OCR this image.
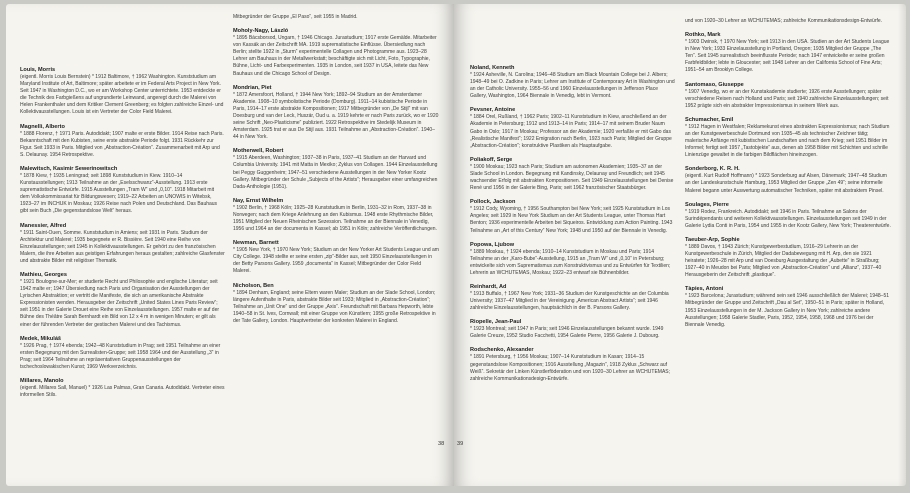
Louis, Morris
(eigentl. Morris Louis Bernstein) * 1912 Baltimore, † 1962 Washington. Kunststudium am Maryland Institute of Art, Baltimore; später arbeitete er im Federal Arts Project in New York. Seit 1947 in Washington D.C., wo er am Workshop Center unterrichtete. 1953 entdeckte er die Technik des Farbgießens auf ungrundierte Leinwand, angeregt durch die Malerei von Helen Frankenthaler und dem Kritiker Clement Greenberg; es folgten zahlreiche Einzel- und Kollektivausstellungen. Louis ist ein Vertreter der Color Field Malerei.
Magnelli, Alberto
* 1888 Florenz, † 1971 Paris. Autodidakt; 1907 malte er erste Bilder. 1914 Reise nach Paris. Bekanntschaft mit den Kubisten, seine erste abstrakte Periode folgt. 1931 Rückkehr zur Figur. Seit 1933 in Paris. Mitglied von „Abstraction-Création“. Zusammenarbeit mit Arp und S. Delaunay. 1954 Retrospektive.
Malewitsch, Kasimir Sewerinowitsch
* 1878 Kiew, † 1935 Leningrad; seit 1898 Kunststudium in Kiew. 1910–14 Kunstausstellungen; 1913 Teilnahme an der „Eselsschwanz“-Ausstellung. 1913 erste suprematistische Entwürfe. 1915 Ausstellungen „Tram W“ und „0,10“. 1918 Mitarbeit mit dem Volkskommissariat für Bildungswesen; 1919–22 Arbeiten an UNOWIS in Witebsk, 1923–27 im INCHUK in Moskau; 1926 Reise nach Polen und Deutschland. Das Bauhaus gibt sein Buch „Die gegenstandslose Welt“ heraus.
Manessier, Alfred
* 1911 Saint-Ouen, Somme. Kunststudium in Amiens; seit 1931 in Paris. Studium der Architektur und Malerei; 1935 begegnete er R. Bissière. Seit 1940 eine Reihe von Einzelausstellungen; seit 1945 in Kollektivausstellungen. Er gehört zu den französischen Malern, die ihre Arbeiten aus geistigen Erfahrungen heraus gestalten; zahlreiche Glasfenster und abstrakte Bilder mit religiöser Thematik.
Mathieu, Georges
* 1921 Boulogne-sur-Mer; er studierte Recht und Philosophie und englische Literatur; seit 1942 malte er; 1947 Übersiedlung nach Paris und Organisation der Ausstellungen der Lyrischen Abstraktion; er vertritt die Manifeste, die sich an amerikanische Abstrakte Expressionisten wenden. Herausgeber der Zeitschrift „United States Lines Paris Review“; seit 1951 in der Galerie Drouet eine Reihe von Einzelausstellungen. 1957 malte er auf der Bühne des Théâtre Sarah Bernhardt ein Bild von 12 x 4 m in wenigen Minuten; er gilt als einer der führenden Vertreter der gestischen Malerei und des Tachismus.
Medek, Mikuláš
* 1926 Prag, † 1974 ebenda; 1942–48 Kunststudium in Prag; seit 1951 Teilnahme an einer ersten Begegnung mit den Surrealisten-Gruppe; seit 1958 1964 und der Ausstellung „3“ in Prag; seit 1964 Teilnahme an repräsentativen Gruppenausstellungen der tschechoslowakischen Kunst; 1969 Werkverzeichnis.
Millares, Manolo
(eigentl. Millares Sall, Manuel) * 1926 Las Palmas, Gran Canaria. Autodidakt. Vertreter eines informellen Stils.
Mitbegründer der Gruppe „El Paso“, seit 1955 in Madrid.
Moholy-Nagy, László
* 1895 Bácsborsod, Ungarn, † 1946 Chicago. Jurastudium; 1917 erste Gemälde. Mitarbeiter von Kassák an der Zeitschrift MA. 1919 suprematistische Einflüsse. Übersiedlung nach Berlin; stellte 1922 in „Sturm“ experimentelle Collagen und Photogramme aus. 1923–28 Lehrer am Bauhaus in der Metallwerkstatt; beschäftigte sich mit Licht, Foto, Typographie, Bühne, Licht- und Farbexperimenten. 1935 in London, seit 1937 in USA, leitete das New Bauhaus und die Chicago School of Design.
Mondrian, Piet
* 1872 Amersfoort, Holland, † 1944 New York; 1892–94 Studium an der Amsterdamer Akademie. 1908–10 symbolistische Periode (Domburg). 1911–14 kubistische Periode in Paris, 1914–17 erste abstrakte Kompositionen; 1917 Mitbegründer von „De Stijl“ mit van Doesburg und van der Leck, Huszár, Oud u. a. 1919 kehrte er nach Paris zurück, wo er 1920 seine Schrift „Neo-Plasticisme“ publiziert. 1922 Retrospektive im Stedelijk Museum in Amsterdam. 1925 trat er aus De Stijl aus. 1931 Teilnahme an „Abstraction-Création“. 1940–44 in New York.
Motherwell, Robert
* 1915 Aberdeen, Washington; 1937–38 in Paris, 1937–41 Studium an der Harvard und Columbia University. 1941 mit Matta in Mexiko; Zyklus von Collagen. 1944 Einzelausstellung bei Peggy Guggenheim; 1947–51 verschiedene Ausstellungen in der New Yorker Kootz Gallery. Mitbegründer der Schule „Subjects of the Artists“; Herausgeber einer umfangreichen Dada-Anthologie (1951).
Nay, Ernst Wilhelm
* 1902 Berlin, † 1968 Köln; 1925–28 Kunststudium in Berlin, 1931–32 in Rom, 1937–38 in Norwegen; nach dem Kriege Anlehnung an den Kubismus. 1948 erste Rhythmische Bilder, 1951 Mitglied der Neuen Rheinischen Sezession. Teilnahme an der Biennale in Venedig, 1956 und 1964 an der documenta in Kassel; ab 1951 in Köln; zahlreiche Veröffentlichungen.
Newman, Barnett
* 1905 New York, † 1970 New York; Studium an der New Yorker Art Students League und am City College. 1948 stellte er seine ersten „zip“-Bilder aus, seit 1950 Einzelausstellungen in der Betty Parsons Gallery. 1959 „documenta“ in Kassel; Mitbegründer der Color Field Malerei.
Nicholson, Ben
* 1894 Denham, England; seine Eltern waren Maler; Studium an der Slade School, London; längere Aufenthalte in Paris, abstrakte Bilder seit 1933; Mitglied in „Abstraction-Création“; Teilnahme an „Unit One“ und der Gruppe „Axis“. Freundschaft mit Barbara Hepworth, lebte 1940–58 in St. Ives, Cornwall; mit einer Gruppe von Künstlern; 1955 große Retrospektive in der Tate Gallery, London. Hauptvertreter der konkreten Malerei in England.
38
Noland, Kenneth
* 1924 Asheville, N. Carolina; 1946–48 Studium am Black Mountain College bei J. Albers; 1948–49 bei O. Zadkine in Paris; Lehrer am Institute of Contemporary Art in Washington und an der Catholic University. 1955–56 und 1960 Einzelausstellungen in Jefferson Place Gallery, Washington, 1964 Biennale in Venedig, lebt in Vermont.
Pevsner, Antoine
* 1884 Orel, Rußland, † 1962 Paris; 1902–11 Kunststudium in Kiew, anschließend an der Akademie in Petersburg; 1912 und 1913–14 in Paris; 1914–17 mit seinem Bruder Naum Gabo in Oslo; 1917 in Moskau; Professor an der Akademie; 1920 verfaßte er mit Gabo das „Realistische Manifest“; 1922 Emigration nach Berlin, 1923 nach Paris; Mitglied der Gruppe „Abstraction-Création“; konstruktive Plastiken als Hauptaufgabe.
Poliakoff, Serge
* 1900 Moskau; 1923 nach Paris; Studium am autonomen Akademien; 1935–37 an der Slade School in London. Begegnung mit Kandinsky, Delaunay und Freundlich; seit 1945 wachsender Erfolg mit abstrakten Kompositionen. Seit 1949 Einzelausstellungen bei Denise René und 1956 in der Galerie Bing, Paris; seit 1962 französischer Staatsbürger.
Pollock, Jackson
* 1912 Cody, Wyoming, † 1956 Southampton bei New York; seit 1925 Kunststudium in Los Angeles; seit 1929 in New York Studium an der Art Students League, unter Thomas Hart Benton; 1936 experimentelle Arbeiten bei Siqueiros. Entwicklung zum Action Painting. 1943 Teilnahme an „Art of this Century“ New York; 1948 und 1950 auf der Biennale in Venedig.
Popowa, Ljubow
* 1889 Moskau, † 1924 ebenda; 1910–14 Kunststudium in Moskau und Paris; 1914 Teilnahme an der „Karo-Bube“-Ausstellung, 1915 an „Tram W“ und „0,10“ in Petersburg; entwickelte sich vom Suprematismus zum Konstruktivismus und zu Entwürfen für Textilien; Lehrerin an WCHUTEMAS, Moskau; 1922–23 entwarf sie Bühnenbilder.
Reinhardt, Ad
* 1913 Buffalo, † 1967 New York; 1931–36 Studium der Kunstgeschichte an der Columbia University; 1937–47 Mitglied in der Vereinigung „American Abstract Artists“; seit 1946 zahlreiche Einzelausstellungen, hauptsächlich in der B. Parsons Gallery.
Riopelle, Jean-Paul
* 1923 Montreal; seit 1947 in Paris; seit 1946 Einzelausstellungen bekannt wurde. 1949 Galerie Creuze, 1952 Studio Facchetti, 1954 Galerie Pierre, 1956 Galerie J. Dubourg.
Rodschenko, Alexander
* 1891 Petersburg, † 1956 Moskau; 1907–14 Kunststudium in Kasan; 1914–15 gegenstandslose Kompositionen; 1916 Ausstellung „Magazin“, 1918 Zyklus „Schwarz auf Weiß“. Sekretär der Linken Künstlerföderation und von 1920–30 Lehrer an WCHUTEMAS; zahlreiche Kommunikationsdesign-Entwürfe.
und von 1920–30 Lehrer an WCHUTEMAS; zahlreiche Kommunikationsdesign-Entwürfe.
Rothko, Mark
* 1903 Dwinsk, † 1970 New York; seit 1913 in den USA. Studien an der Art Students League in New York; 1933 Einzelausstellung in Portland, Oregon; 1935 Mitglied der Gruppe „The Ten“. Seit 1945 surrealistisch beeinflusste Periode; nach 1947 entwickelte er seine großen Farbfeldbilder; lebte in Gloucester; seit 1948 Lehrer an der California School of Fine Arts; 1951–54 am Brooklyn College.
Santomaso, Giuseppe
* 1907 Venedig, wo er an der Kunstakademie studierte; 1926 erste Ausstellungen; später verschiedene Reisen nach Holland und Paris; seit 1940 zahlreiche Einzelausstellungen; seit 1952 prägte sich ein abstrakter Impressionismus in seinem Werk aus.
Schumacher, Emil
* 1912 Hagen in Westfalen; Reklamekunst eines abstrakten Expressionismus; nach Studium an der Kunstgewerbeschule Dortmund von 1935–45 als technischer Zeichner tätig; malerische Anfänge mit kubistischen Landschaften und nach dem Krieg; seit 1951 Bilder im Informel; fertigt seit 1957 „Tastobjekte“ aus, denen ab 1958 Bilder mit Schichten und schrille Linienzüge gewaltet in die farbigen Bildflächen hineinzogen.
Sonderborg, K. R. H.
(eigentl. Kurt Rudolf Hoffmann) * 1923 Sonderburg auf Alsen, Dänemark; 1947–48 Studium an der Landeskunstschule Hamburg, 1953 Mitglied der Gruppe „Zen 49“; seine informelle Malerei begann unter Auswertung automatischer Techniken, später mit abstraktem Pinsel.
Soulages, Pierre
* 1919 Rodez, Frankreich. Autodidakt; seit 1946 in Paris. Teilnahme an Salons der Surindépendants und weiteren Kollektivausstellungen. Einzelausstellungen seit 1949 in der Galerie Lydia Conti in Paris, 1954 und 1955 in der Kootz Gallery, New York; Theaterentwürfe.
Taeuber-Arp, Sophie
* 1889 Davos, † 1943 Zürich; Kunstgewerbestudium, 1916–29 Lehrerin an der Kunstgewerbeschule in Zürich, Mitglied der Dadabewegung mit H. Arp, den sie 1921 heiratete; 1926–28 mit Arp und van Doesburg Ausgestaltung der „Aubette“ in Straßburg; 1927–40 in Meudon bei Paris; Mitglied von „Abstraction-Création“ und „Allianz“, 1937–40 Herausgeberin der Zeitschrift „plastique“.
Tàpies, Antoni
* 1923 Barcelona; Jurastudium; während sein seit 1946 ausschließlich der Malerei; 1948–51 Mitbegründer der Gruppe und Zeitschrift „Dau al Set“, 1950–51 in Paris; später in Holland, 1953 Einzelausstellungen in der M. Jackson Gallery in New York; zahlreiche andere Ausstellungen; 1958 Galerie Stadler, Paris, 1952, 1954, 1958, 1968 und 1976 bei der Biennale Venedig.
39
